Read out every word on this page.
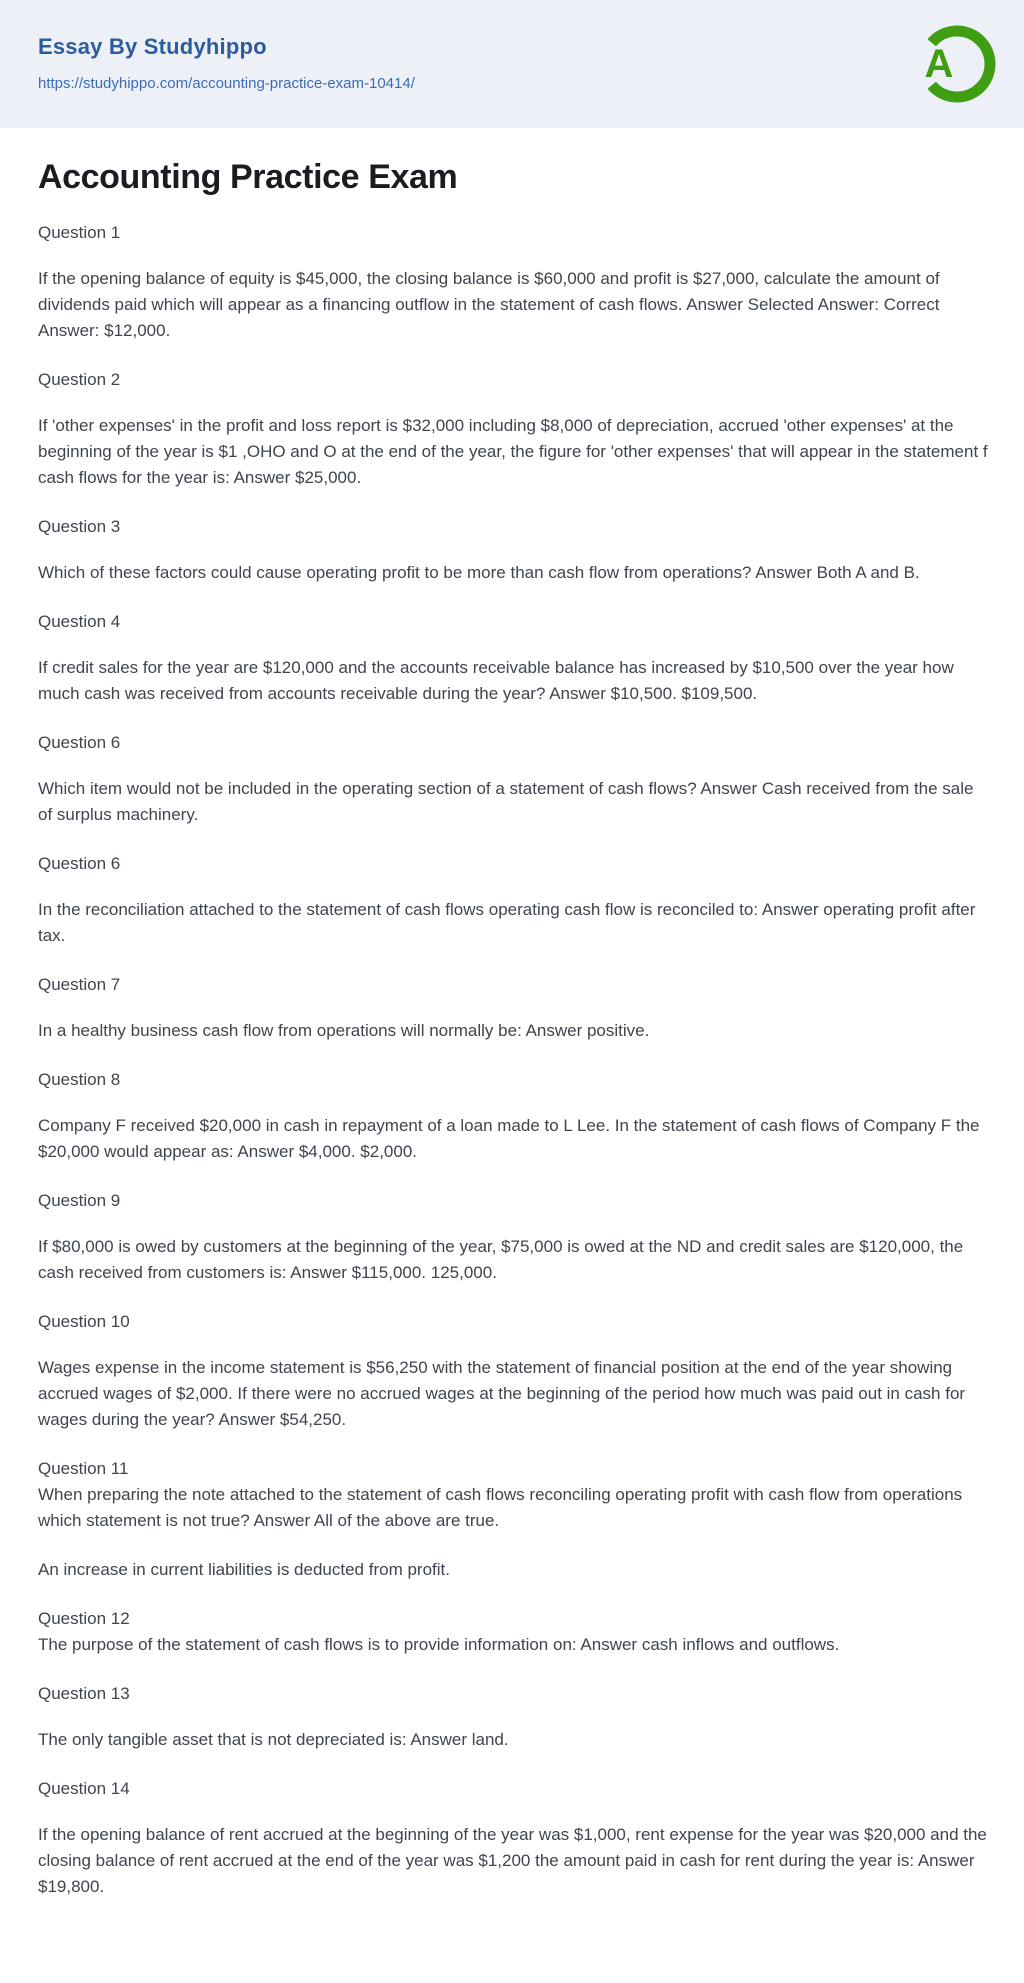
Essay By Studyhippo
https://studyhippo.com/accounting-practice-exam-10414/	A
Accounting Practice Exam

Question 1

If the opening balance of equity is $45,000, the closing balance is $60,000 and profit is $27,000, calculate the amount of dividends paid which will appear as a financing outflow in the statement of cash flows. Answer Selected Answer: Correct Answer: $12,000.

Question 2

If 'other expenses' in the profit and loss report is $32,000 including $8,000 of depreciation, accrued 'other expenses' at the beginning of the year is $1 ,OHO and O at the end of the year, the figure for 'other expenses' that will appear in the statement f cash flows for the year is: Answer $25,000.

Question 3

Which of these factors could cause operating profit to be more than cash flow from operations? Answer Both A and B.

Question 4

If credit sales for the year are $120,000 and the accounts receivable balance has increased by $10,500 over the year how much cash was received from accounts receivable during the year? Answer $10,500. $109,500.

Question 6

Which item would not be included in the operating section of a statement of cash flows? Answer Cash received from the sale of surplus machinery.

Question 6

In the reconciliation attached to the statement of cash flows operating cash flow is reconciled to: Answer operating profit after tax.

Question 7

In a healthy business cash flow from operations will normally be: Answer positive.

Question 8

Company F received $20,000 in cash in repayment of a loan made to L Lee. In the statement of cash flows of Company F the $20,000 would appear as: Answer $4,000. $2,000.

Question 9

If $80,000 is owed by customers at the beginning of the year, $75,000 is owed at the ND and credit sales are $120,000, the cash received from customers is: Answer $115,000. 125,000.

Question 10

Wages expense in the income statement is $56,250 with the statement of financial position at the end of the year showing accrued wages of $2,000. If there were no accrued wages at the beginning of the period how much was paid out in cash for wages during the year? Answer $54,250.

Question 11

When preparing the note attached to the statement of cash flows reconciling operating profit with cash flow from operations which statement is not true? Answer All of the above are true.

An increase in current liabilities is deducted from profit.

Question 12

The purpose of the statement of cash flows is to provide information on: Answer cash inflows and outflows.

Question 13

The only tangible asset that is not depreciated is: Answer land.

Question 14

If the opening balance of rent accrued at the beginning of the year was $1,000, rent expense for the year was $20,000 and the closing balance of rent accrued at the end of the year was $1,200 the amount paid in cash for rent during the year is: Answer $19,800.
